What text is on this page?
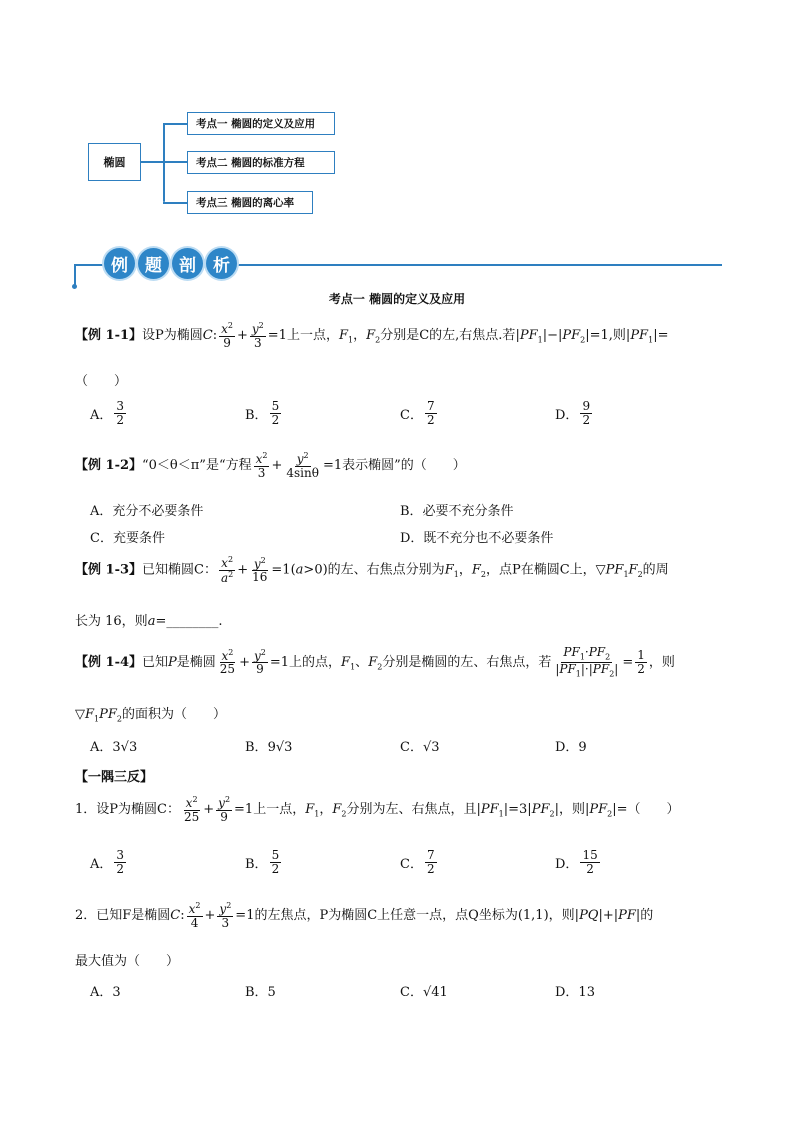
椭圆
考点一 椭圆的定义及应用
考点二 椭圆的标准方程
考点三 椭圆的离心率
例	题	剖	析
考点一 椭圆的定义及应用
【例 1-1】设P为椭圆C: $\frac{x^2}{9} + \frac{y^2}{3} =1$上一点，$F_1$，$F_2$分别是C的左,右焦点.若$|PF_1|-|PF_2|=1$,则$|PF_1|=$
（　　）
A． $\frac{3}{2}$	B． $\frac{5}{2}$	C． $\frac{7}{2}$	D． $\frac{9}{2}$
【例 1-2】“0＜θ＜π”是“方程 $\frac{x^2}{3} + \frac{y^2}{4\sin\theta} =1$表示椭圆”的（　　）
A．充分不必要条件	B．必要不充分条件
C．充要条件	D．既不充分也不必要条件
【例 1-3】已知椭圆C： $\frac{x^2}{a^2} + \frac{y^2}{16} =1(a>0)$的左、右焦点分别为$F_1$，$F_2$，点P在椭圆C上，$▽PF_1F_2$的周
长为 16，则a=________.
【例 1-4】已知P是椭圆 $\frac{x^2}{25} + \frac{y^2}{9} =1$上的点，$F_1$、$F_2$分别是椭圆的左、右焦点，若 $\frac{PF_1\cdot PF_2}{|PF_1|\cdot|PF_2|} = \frac{1}{2}$ ，则
$▽F_1PF_2$的面积为（　　）
A．3√3	B．9√3	C．√3	D．9
【一隅三反】
1．设P为椭圆C： $\frac{x^2}{25} + \frac{y^2}{9} =1$上一点，$F_1$，$F_2$分别为左、右焦点，且$|PF_1|=3|PF_2|$，则$|PF_2|=$（　　）
A． $\frac{3}{2}$	B． $\frac{5}{2}$	C． $\frac{7}{2}$	D． $\frac{15}{2}$
2．已知F是椭圆C: $\frac{x^2}{4} + \frac{y^2}{3} =1$的左焦点，P为椭圆C上任意一点，点Q坐标为(1,1)，则|PQ|+|PF|的
最大值为（　　）
A．3	B．5	C．√41	D．13
